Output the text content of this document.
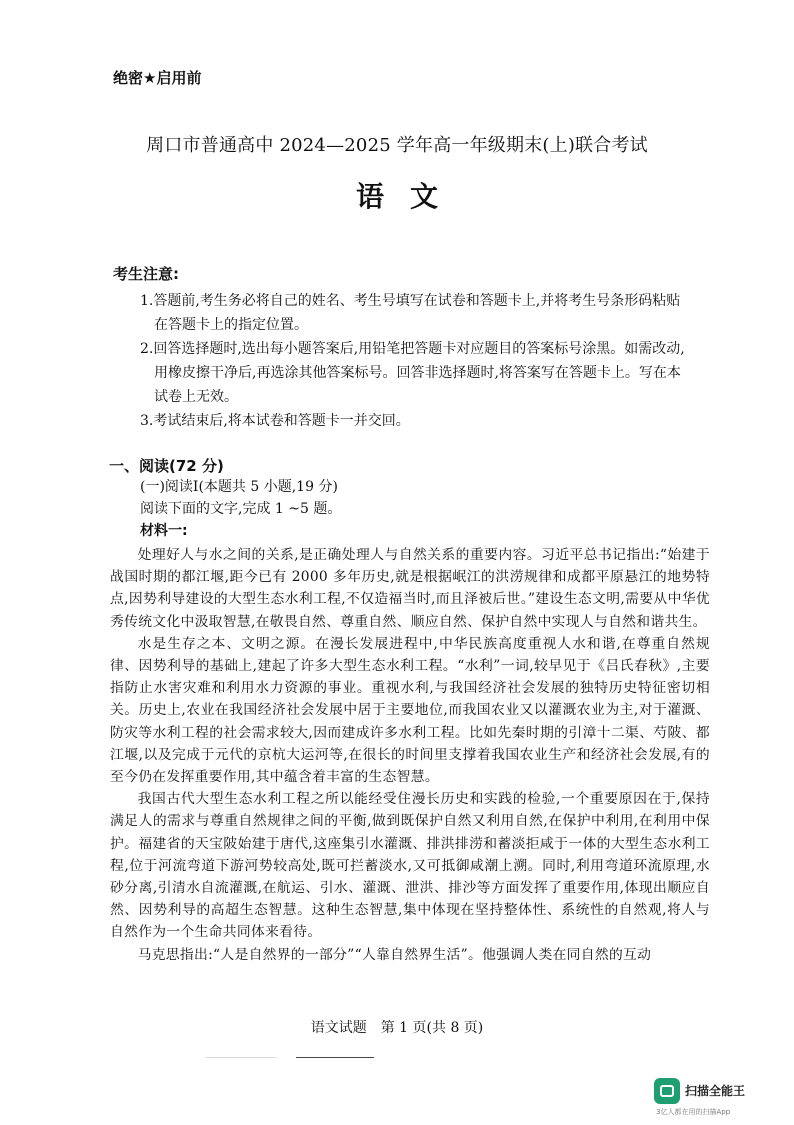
绝密★启用前
周口市普通高中 2024—2025 学年高一年级期末(上)联合考试
语文
考生注意:
1.答题前,考生务必将自己的姓名、考生号填写在试卷和答题卡上,并将考生号条形码粘贴在答题卡上的指定位置。
2.回答选择题时,选出每小题答案后,用铅笔把答题卡对应题目的答案标号涂黑。如需改动,用橡皮擦干净后,再选涂其他答案标号。回答非选择题时,将答案写在答题卡上。写在本试卷上无效。
3.考试结束后,将本试卷和答题卡一并交回。
一、阅读(72 分)
(一)阅读Ⅰ(本题共 5 小题,19 分)
阅读下面的文字,完成 1 ~5 题。
材料一:

处理好人与水之间的关系,是正确处理人与自然关系的重要内容。习近平总书记指出:“始建于战国时期的都江堰,距今已有 2000 多年历史,就是根据岷江的洪涝规律和成都平原悬江的地势特点,因势利导建设的大型生态水利工程,不仅造福当时,而且泽被后世。”建设生态文明,需要从中华优秀传统文化中汲取智慧,在敬畏自然、尊重自然、顺应自然、保护自然中实现人与自然和谐共生。

水是生存之本、文明之源。在漫长发展进程中,中华民族高度重视人水和谐,在尊重自然规律、因势利导的基础上,建起了许多大型生态水利工程。“水利”一词,较早见于《吕氏春秋》,主要指防止水害灾难和利用水力资源的事业。重视水利,与我国经济社会发展的独特历史特征密切相关。历史上,农业在我国经济社会发展中居于主要地位,而我国农业又以灌溉农业为主,对于灌溉、防灾等水利工程的社会需求较大,因而建成许多水利工程。比如先秦时期的引漳十二渠、芍陂、都江堰,以及完成于元代的京杭大运河等,在很长的时间里支撑着我国农业生产和经济社会发展,有的至今仍在发挥重要作用,其中蕴含着丰富的生态智慧。

我国古代大型生态水利工程之所以能经受住漫长历史和实践的检验,一个重要原因在于,保持满足人的需求与尊重自然规律之间的平衡,做到既保护自然又利用自然,在保护中利用,在利用中保护。福建省的天宝陂始建于唐代,这座集引水灌溉、排洪排涝和蓄淡拒咸于一体的大型生态水利工程,位于河流弯道下游河势较高处,既可拦蓄淡水,又可抵御咸潮上溯。同时,利用弯道环流原理,水砂分离,引清水自流灌溉,在航运、引水、灌溉、泄洪、排沙等方面发挥了重要作用,体现出顺应自然、因势利导的高超生态智慧。这种生态智慧,集中体现在坚持整体性、系统性的自然观,将人与自然作为一个生命共同体来看待。

马克思指出:“人是自然界的一部分”“人靠自然界生活”。他强调人类在同自然的互动

语文试题　第 1 页(共 8 页)
扫描全能王
3亿人都在用的扫描App
